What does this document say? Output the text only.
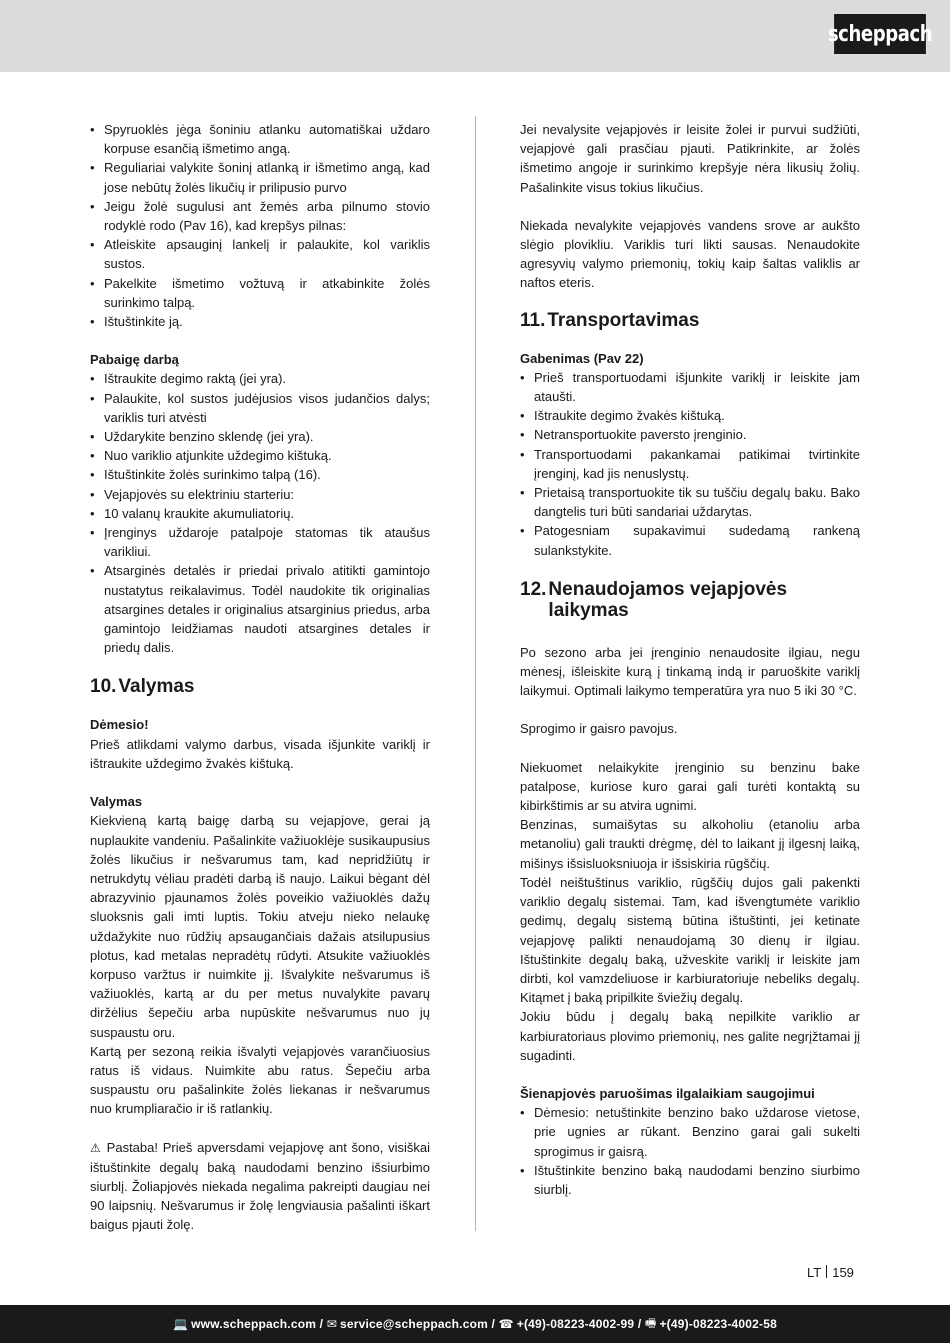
scheppach
• Spyruoklės jėga šoniniu atlanku automatiškai uždaro korpuse esančią išmetimo angą.
• Reguliariai valykite šoninį atlanką ir išmetimo angą, kad jose nebūtų žolės likučių ir prilipusio purvo
• Jeigu žolė sugulusi ant žemės arba pilnumo stovio rodyklė rodo (Pav 16), kad krepšys pilnas:
• Atleiskite apsauginį lankelį ir palaukite, kol variklis sustos.
• Pakelkite išmetimo vožtuvą ir atkabinkite žolės surinkimo talpą.
• Ištuštinkite ją.

Pabaigę darbą

• Ištraukite degimo raktą (jei yra).
• Palaukite, kol sustos judėjusios visos judančios dalys; variklis turi atvėsti
• Uždarykite benzino sklendę (jei yra).
• Nuo variklio atjunkite uždegimo kištuką.
• Ištuštinkite žolės surinkimo talpą (16).
• Vejapjovės su elektriniu starteriu:
• 10 valanų kraukite akumuliatorių.
• Įrenginys uždaroje patalpoje statomas tik ataušus varikliui.
• Atsarginės detalės ir priedai privalo atitikti gamintojo nustatytus reikalavimus. Todėl naudokite tik originalias atsargines detales ir originalius atsarginius priedus, arba gamintojo leidžiamas naudoti atsargines detales ir priedų dalis.
10. Valymas

Dėmesio!

Prieš atlikdami valymo darbus, visada išjunkite variklį ir ištraukite uždegimo žvakės kištuką.

Valymas

Kiekvieną kartą baigę darbą su vejapjove, gerai ją nuplaukite vandeniu. Pašalinkite važiuoklėje susikaupusius žolės likučius ir nešvarumus tam, kad nepridžiūtų ir netrukdytų vėliau pradėti darbą iš naujo. Laikui bėgant dėl abrazyvinio pjaunamos žolės poveikio važiuoklės dažų sluoksnis gali imti luptis. Tokiu atveju nieko nelaukę uždažykite nuo rūdžių apsaugančiais dažais atsilupusius plotus, kad metalas nepradėtų rūdyti. Atsukite važiuoklės korpuso varžtus ir nuimkite jį. Išvalykite nešvarumus iš važiuoklės, kartą ar du per metus nuvalykite pavarų diržėlius šepečiu arba nupūskite nešvarumus nuo jų suspaustu oru.

Kartą per sezoną reikia išvalyti vejapjovės varančiuosius ratus iš vidaus. Nuimkite abu ratus. Šepečiu arba suspaustu oru pašalinkite žolės liekanas ir nešvarumus nuo krumpliaračio ir iš ratlankių.

⚠ Pastaba! Prieš apversdami vejapjovę ant šono, visiškai ištuštinkite degalų baką naudodami benzino išsiurbimo siurblį. Žoliapjovės niekada negalima pakreipti daugiau nei 90 laipsnių. Nešvarumus ir žolę lengviausia pašalinti iškart baigus pjauti žolę.

Jei nevalysite vejapjovės ir leisite žolei ir purvui sudžiūti, vejapjovė gali prasčiau pjauti. Patikrinkite, ar žolės išmetimo angoje ir surinkimo krepšyje nėra likusių žolių. Pašalinkite visus tokius likučius.

Niekada nevalykite vejapjovės vandens srove ar aukšto slėgio plovikliu. Variklis turi likti sausas. Nenaudokite agresyvių valymo priemonių, tokių kaip šaltas valiklis ar naftos eteris.

11. Transportavimas

Gabenimas (Pav 22)

• Prieš transportuodami išjunkite variklį ir leiskite jam ataušti.
• Ištraukite degimo žvakės kištuką.
• Netransportuokite paversto įrenginio.
• Transportuodami pakankamai patikimai tvirtinkite įrenginį, kad jis nenuslystų.
• Prietaisą transportuokite tik su tuščiu degalų baku. Bako dangtelis turi būti sandariai uždarytas.
• Patogesniam supakavimui sudedamą rankeną sulankstykite.
12. Nenaudojamos vejapjovės laikymas

Po sezono arba jei įrenginio nenaudosite ilgiau, negu mėnesį, išleiskite kurą į tinkamą indą ir paruoškite variklį laikymui. Optimali laikymo temperatūra yra nuo 5 iki 30 °C.

Sprogimo ir gaisro pavojus.

Niekuomet nelaikykite įrenginio su benzinu bake patalpose, kuriose kuro garai gali turėti kontaktą su kibirkštimis ar su atvira ugnimi.

Benzinas, sumaišytas su alkoholiu (etanoliu arba metanoliu) gali traukti drėgmę, dėl to laikant jį ilgesnį laiką, mišinys išsisluoksniuoja ir išsiskiria rūgščių.

Todėl neištuštinus variklio, rūgščių dujos gali pakenkti variklio degalų sistemai. Tam, kad išvengtumėte variklio gedimų, degalų sistemą būtina ištuštinti, jei ketinate vejapjovę palikti nenaudojamą 30 dienų ir ilgiau. Ištuštinkite degalų baką, užveskite variklį ir leiskite jam dirbti, kol vamzdeliuose ir karbiuratoriuje nebeliks degalų. Kitąmet į baką pripilkite šviežių degalų.

Jokiu būdu į degalų baką nepilkite variklio ar karbiuratoriaus plovimo priemonių, nes galite negrįžtamai jį sugadinti.

Šienapjovės paruošimas ilgalaikiam saugojimui

• Dėmesio: netuštinkite benzino bako uždarose vietose, prie ugnies ar rūkant. Benzino garai gali sukelti sprogimus ir gaisrą.
• Ištuštinkite benzino baką naudodami benzino siurbimo siurblį.
LT 159
💻 www.scheppach.com / ✉ service@scheppach.com / ☎ +(49)-08223-4002-99 / 🖷 +(49)-08223-4002-58
